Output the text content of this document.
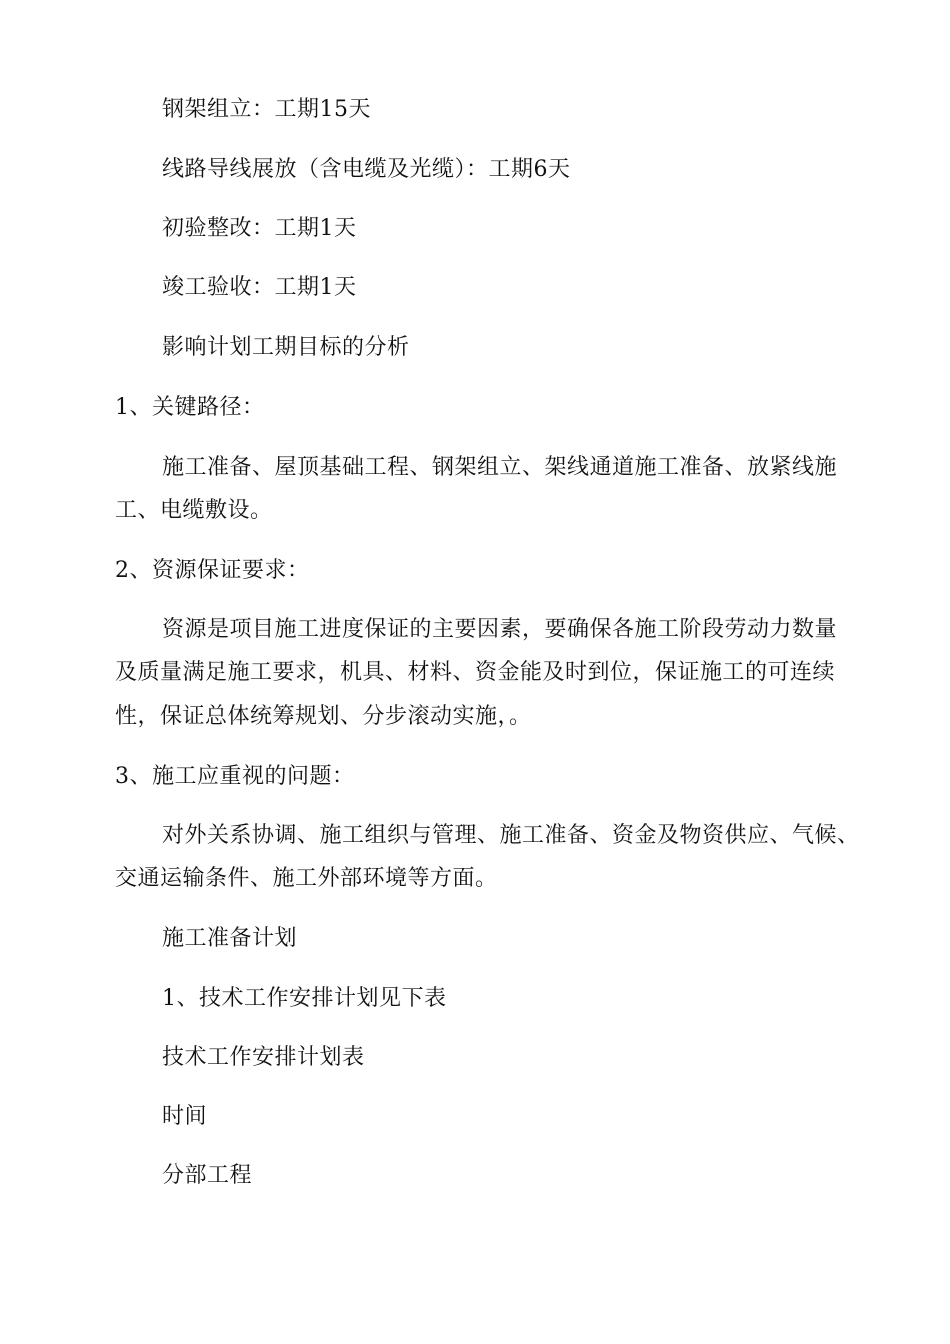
钢架组立：工期15天

线路导线展放（含电缆及光缆）：工期6天

初验整改：工期1天

竣工验收：工期1天

影响计划工期目标的分析

1、关键路径：

施工准备、屋顶基础工程、钢架组立、架线通道施工准备、放紧线施

工、电缆敷设。

2、资源保证要求：

资源是项目施工进度保证的主要因素，要确保各施工阶段劳动力数量

及质量满足施工要求，机具、材料、资金能及时到位，保证施工的可连续

性，保证总体统筹规划、分步滚动实施，。

3、施工应重视的问题：

对外关系协调、施工组织与管理、施工准备、资金及物资供应、气候、

交通运输条件、施工外部环境等方面。

施工准备计划

1、技术工作安排计划见下表

技术工作安排计划表

时间

分部工程
